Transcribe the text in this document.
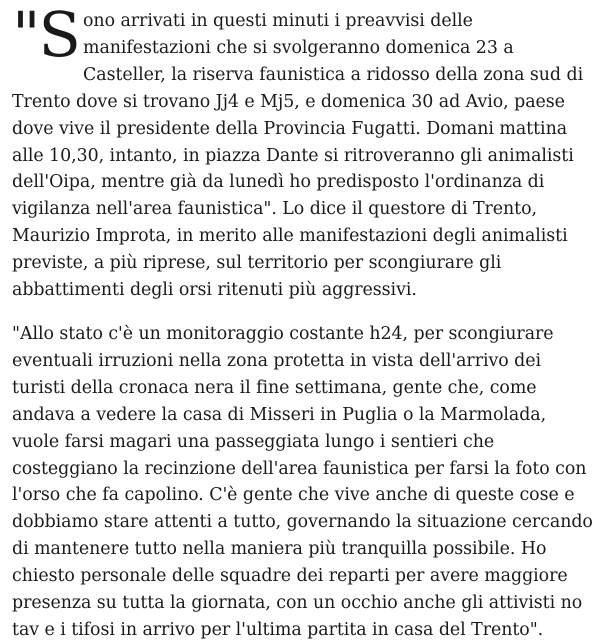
"Sono arrivati in questi minuti i preavvisi delle manifestazioni che si svolgeranno domenica 23 a Casteller, la riserva faunistica a ridosso della zona sud di Trento dove si trovano Jj4 e Mj5, e domenica 30 ad Avio, paese dove vive il presidente della Provincia Fugatti. Domani mattina alle 10,30, intanto, in piazza Dante si ritroveranno gli animalisti dell'Oipa, mentre già da lunedì ho predisposto l'ordinanza di vigilanza nell'area faunistica". Lo dice il questore di Trento, Maurizio Improta, in merito alle manifestazioni degli animalisti previste, a più riprese, sul territorio per scongiurare gli abbattimenti degli orsi ritenuti più aggressivi.

"Allo stato c'è un monitoraggio costante h24, per scongiurare eventuali irruzioni nella zona protetta in vista dell'arrivo dei turisti della cronaca nera il fine settimana, gente che, come andava a vedere la casa di Misseri in Puglia o la Marmolada, vuole farsi magari una passeggiata lungo i sentieri che costeggiano la recinzione dell'area faunistica per farsi la foto con l'orso che fa capolino. C'è gente che vive anche di queste cose e dobbiamo stare attenti a tutto, governando la situazione cercando di mantenere tutto nella maniera più tranquilla possibile. Ho chiesto personale delle squadre dei reparti per avere maggiore presenza su tutta la giornata, con un occhio anche gli attivisti no tav e i tifosi in arrivo per l'ultima partita in casa del Trento".
